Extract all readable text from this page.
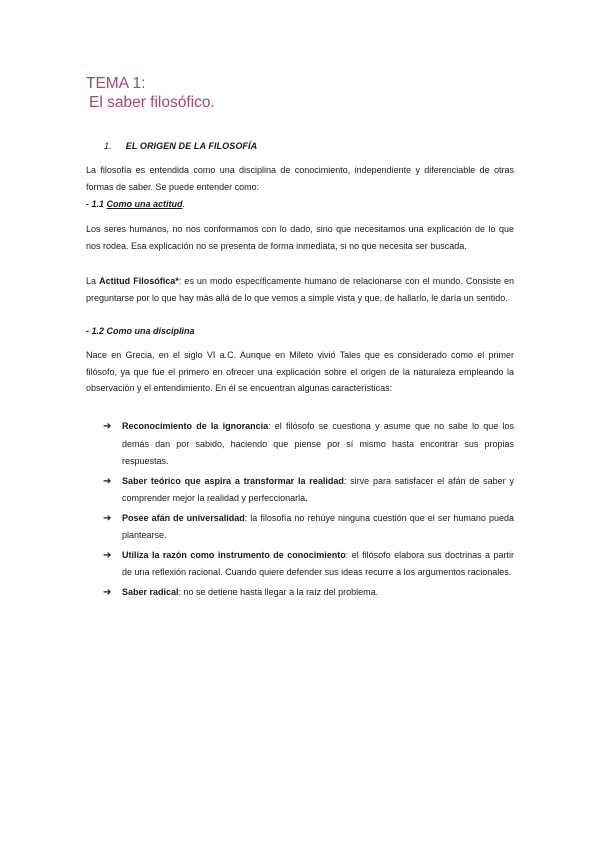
TEMA 1:
El saber filosófico.
1. EL ORIGEN DE LA FILOSOFÍA

La filosofía es entendida como una disciplina de conocimiento, independiente y diferenciable de otras formas de saber. Se puede entender como:

- 1.1 Como una actitud.

Los seres humanos, no nos conformamos con lo dado, sino que necesitamos una explicación de lo que nos rodea. Esa explicación no se presenta de forma inmediata, si no que necesita ser buscada.

La Actitud Filosófica*: es un modo específicamente humano de relacionarse con el mundo. Consiste en preguntarse por lo que hay más allá de lo que vemos a simple vista y que, de hallarlo, le daría un sentido.

- 1.2 Como una disciplina

Nace en Grecia, en el siglo VI a.C. Aunque en Mileto vivió Tales que es considerado como el primer filósofo, ya que fue el primero en ofrecer una explicación sobre el origen de la naturaleza empleando la observación y el entendimiento. En él se encuentran algunas características:

➔ Reconocimiento de la ignorancia: el filósofo se cuestiona y asume que no sabe lo que los demás dan por sabido, haciendo que piense por sí mismo hasta encontrar sus propias respuestas.
➔ Saber teórico que aspira a transformar la realidad: sirve para satisfacer el afán de saber y comprender mejor la realidad y perfeccionarla.
➔ Posee afán de universalidad: la filosofía no rehúye ninguna cuestión que el ser humano pueda plantearse.
➔ Utiliza la razón como instrumento de conocimiento: el filósofo elabora sus doctrinas a partir de una reflexión racional. Cuando quiere defender sus ideas recurre a los argumentos racionales.
➔ Saber radical: no se detiene hasta llegar a la raíz del problema.
